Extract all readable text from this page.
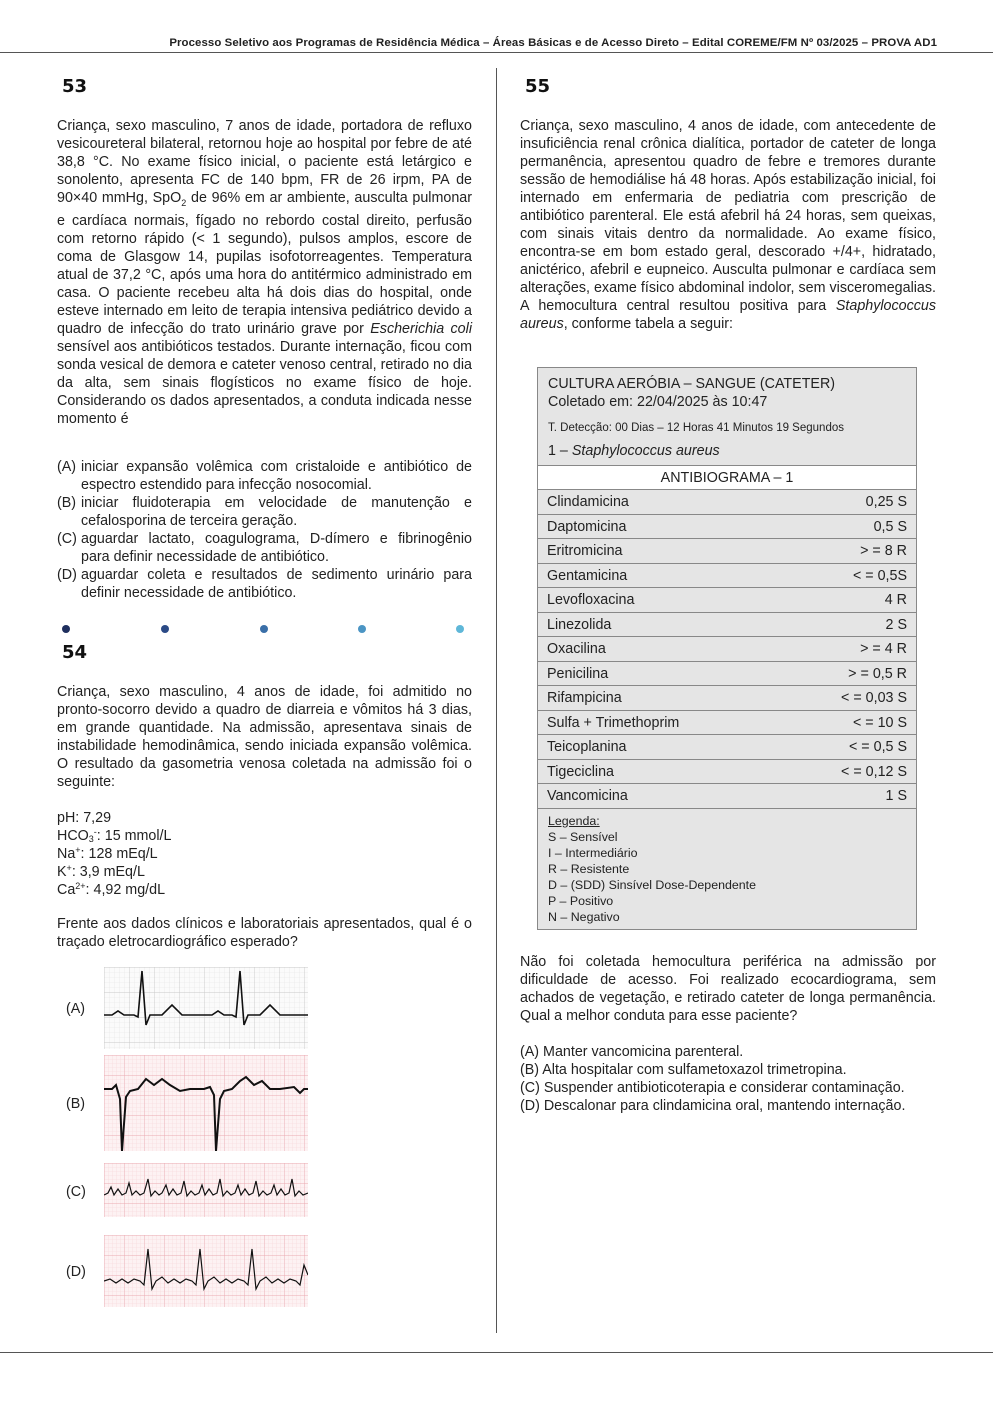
Processo Seletivo aos Programas de Residência Médica – Áreas Básicas e de Acesso Direto – Edital COREME/FM Nº 03/2025 – PROVA AD1
53
Criança, sexo masculino, 7 anos de idade, portadora de refluxo vesicoureteral bilateral, retornou hoje ao hospital por febre de até 38,8 °C. No exame físico inicial, o paciente está letárgico e sonolento, apresenta FC de 140 bpm, FR de 26 irpm, PA de 90×40 mmHg, SpO$_2$ de 96% em ar ambiente, ausculta pulmonar e cardíaca normais, fígado no rebordo costal direito, perfusão com retorno rápido (< 1 segundo), pulsos amplos, escore de coma de Glasgow 14, pupilas isofotorreagentes. Temperatura atual de 37,2 °C, após uma hora do antitérmico administrado em casa. O paciente recebeu alta há dois dias do hospital, onde esteve internado em leito de terapia intensiva pediátrico devido a quadro de infecção do trato urinário grave por Escherichia coli sensível aos antibióticos testados. Durante internação, ficou com sonda vesical de demora e cateter venoso central, retirado no dia da alta, sem sinais flogísticos no exame físico de hoje. Considerando os dados apresentados, a conduta indicada nesse momento é
(A) iniciar expansão volêmica com cristaloide e antibiótico de espectro estendido para infecção nosocomial.
(B) iniciar fluidoterapia em velocidade de manutenção e cefalosporina de terceira geração.
(C) aguardar lactato, coagulograma, D-dímero e fibrinogênio para definir necessidade de antibiótico.
(D) aguardar coleta e resultados de sedimento urinário para definir necessidade de antibiótico.
54
Criança, sexo masculino, 4 anos de idade, foi admitido no pronto-socorro devido a quadro de diarreia e vômitos há 3 dias, em grande quantidade. Na admissão, apresentava sinais de instabilidade hemodinâmica, sendo iniciada expansão volêmica. O resultado da gasometria venosa coletada na admissão foi o seguinte:
pH: 7,29
$HCO_3^-$: 15 mmol/L
Na+: 128 mEq/L
K+: 3,9 mEq/L
$Ca^{2+}$: 4,92 mg/dL
Frente aos dados clínicos e laboratoriais apresentados, qual é o traçado eletrocardiográfico esperado?
(A)
(B)
(C)
(D)
55
Criança, sexo masculino, 4 anos de idade, com antecedente de insuficiência renal crônica dialítica, portador de cateter de longa permanência, apresentou quadro de febre e tremores durante sessão de hemodiálise há 48 horas. Após estabilização inicial, foi internado em enfermaria de pediatria com prescrição de antibiótico parenteral. Ele está afebril há 24 horas, sem queixas, com sinais vitais dentro da normalidade. Ao exame físico, encontra-se em bom estado geral, descorado +/4+, hidratado, anictérico, afebril e eupneico. Ausculta pulmonar e cardíaca sem alterações, exame físico abdominal indolor, sem visceromegalias. A hemocultura central resultou positiva para Staphylococcus aureus, conforme tabela a seguir:
CULTURA AERÓBIA – SANGUE (CATETER)
Coletado em: 22/04/2025 às 10:47
T. Detecção: 00 Dias – 12 Horas 41 Minutos 19 Segundos
1 – Staphylococcus aureus
ANTIBIOGRAMA – 1
Clindamicina	0,25 S
Daptomicina	0,5 S
Eritromicina	> = 8 R
Gentamicina	< = 0,5S
Levofloxacina	4 R
Linezolida	2 S
Oxacilina	> = 4 R
Penicilina	> = 0,5 R
Rifampicina	< = 0,03 S
Sulfa + Trimethoprim	< = 10 S
Teicoplanina	< = 0,5 S
Tigeciclina	< = 0,12 S
Vancomicina	1 S
Legenda:
S – Sensível
I – Intermediário
R – Resistente
D – (SDD) Sinsível Dose-Dependente
P – Positivo
N – Negativo
Não foi coletada hemocultura periférica na admissão por dificuldade de acesso. Foi realizado ecocardiograma, sem achados de vegetação, e retirado cateter de longa permanência. Qual a melhor conduta para esse paciente?
(A) Manter vancomicina parenteral.
(B) Alta hospitalar com sulfametoxazol trimetropina.
(C) Suspender antibioticoterapia e considerar contaminação.
(D) Descalonar para clindamicina oral, mantendo internação.
